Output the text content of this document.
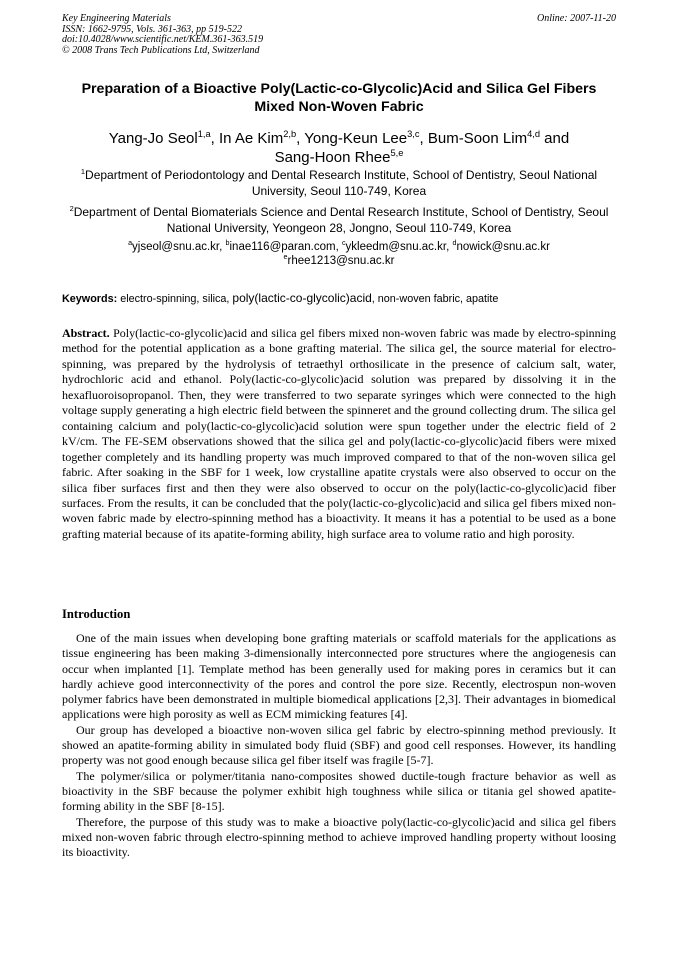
Key Engineering Materials
ISSN: 1662-9795, Vols. 361-363, pp 519-522
doi:10.4028/www.scientific.net/KEM.361-363.519
© 2008 Trans Tech Publications Ltd, Switzerland
Online: 2007-11-20
Preparation of a Bioactive Poly(Lactic-co-Glycolic)Acid and Silica Gel Fibers Mixed Non-Woven Fabric
Yang-Jo Seol$^{1,a}$, In Ae Kim$^{2,b}$, Yong-Keun Lee$^{3,c}$, Bum-Soon Lim$^{4,d}$ and
Sang-Hoon Rhee$^{5,e}$
$^1$Department of Periodontology and Dental Research Institute, School of Dentistry, Seoul National University, Seoul 110-749, Korea
$^2$Department of Dental Biomaterials Science and Dental Research Institute, School of Dentistry, Seoul National University, Yeongeon 28, Jongno, Seoul 110-749, Korea
$^a$yjseol@snu.ac.kr, $^b$inae116@paran.com, $^c$ykleedm@snu.ac.kr, $^d$nowick@snu.ac.kr
$^e$rhee1213@snu.ac.kr
Keywords: electro-spinning, silica, poly(lactic-co-glycolic)acid, non-woven fabric, apatite
Abstract. Poly(lactic-co-glycolic)acid and silica gel fibers mixed non-woven fabric was made by electro-spinning method for the potential application as a bone grafting material. The silica gel, the source material for electro-spinning, was prepared by the hydrolysis of tetraethyl orthosilicate in the presence of calcium salt, water, hydrochloric acid and ethanol. Poly(lactic-co-glycolic)acid solution was prepared by dissolving it in the hexafluoroisopropanol. Then, they were transferred to two separate syringes which were connected to the high voltage supply generating a high electric field between the spinneret and the ground collecting drum. The silica gel containing calcium and poly(lactic-co-glycolic)acid solution were spun together under the electric field of 2 kV/cm. The FE-SEM observations showed that the silica gel and poly(lactic-co-glycolic)acid fibers were mixed together completely and its handling property was much improved compared to that of the non-woven silica gel fabric. After soaking in the SBF for 1 week, low crystalline apatite crystals were also observed to occur on the silica fiber surfaces first and then they were also observed to occur on the poly(lactic-co-glycolic)acid fiber surfaces. From the results, it can be concluded that the poly(lactic-co-glycolic)acid and silica gel fibers mixed non-woven fabric made by electro-spinning method has a bioactivity. It means it has a potential to be used as a bone grafting material because of its apatite-forming ability, high surface area to volume ratio and high porosity.
Introduction

One of the main issues when developing bone grafting materials or scaffold materials for the applications as tissue engineering has been making 3-dimensionally interconnected pore structures where the angiogenesis can occur when implanted [1]. Template method has been generally used for making pores in ceramics but it can hardly achieve good interconnectivity of the pores and control the pore size. Recently, electrospun non-woven polymer fabrics have been demonstrated in multiple biomedical applications [2,3]. Their advantages in biomedical applications were high porosity as well as ECM mimicking features [4].

Our group has developed a bioactive non-woven silica gel fabric by electro-spinning method previously. It showed an apatite-forming ability in simulated body fluid (SBF) and good cell responses. However, its handling property was not good enough because silica gel fiber itself was fragile [5-7].

The polymer/silica or polymer/titania nano-composites showed ductile-tough fracture behavior as well as bioactivity in the SBF because the polymer exhibit high toughness while silica or titania gel showed apatite-forming ability in the SBF [8-15].

Therefore, the purpose of this study was to make a bioactive poly(lactic-co-glycolic)acid and silica gel fibers mixed non-woven fabric through electro-spinning method to achieve improved handling property without loosing its bioactivity.
